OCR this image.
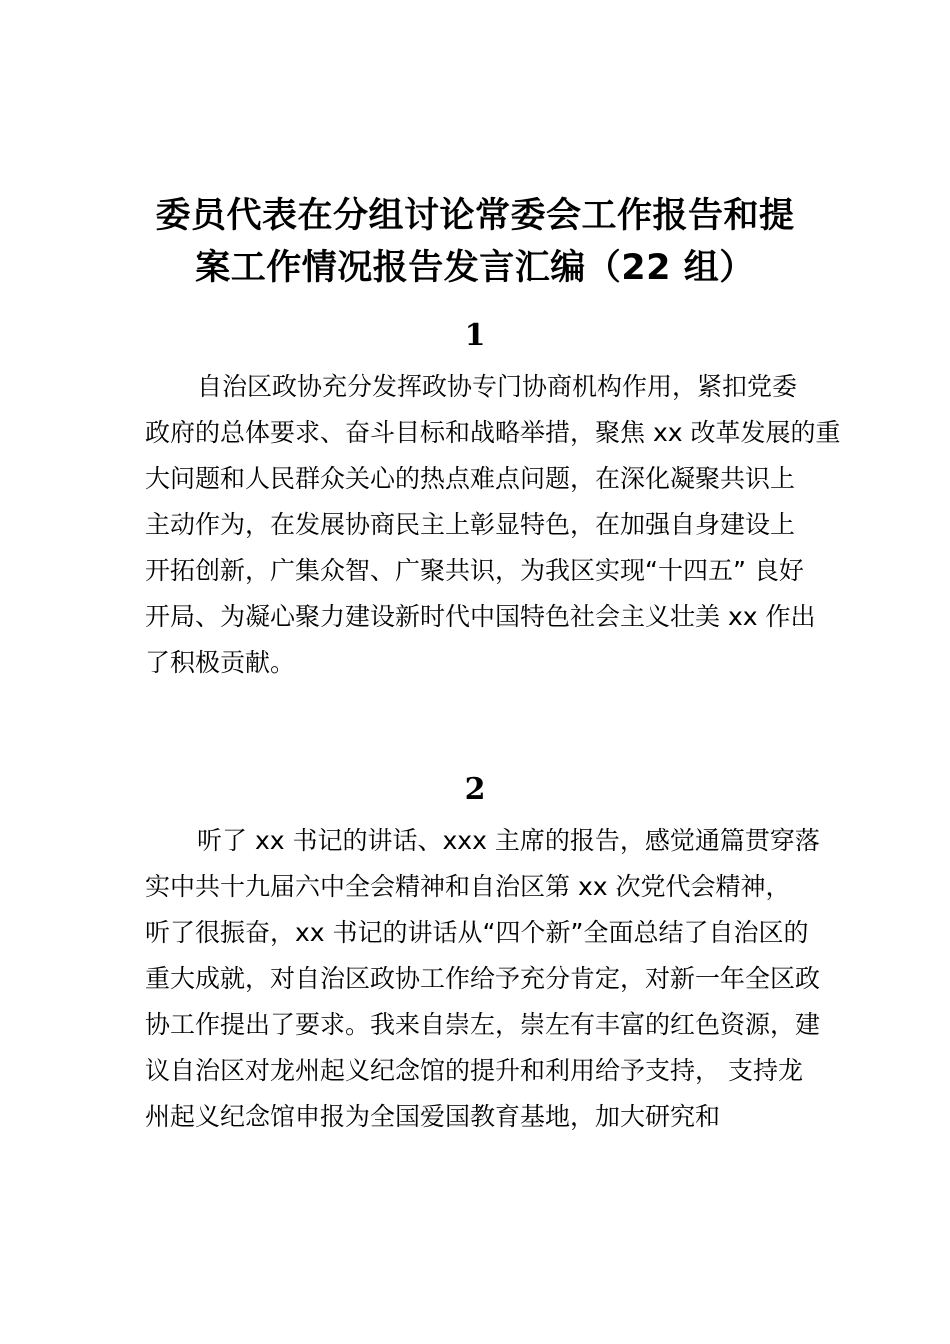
委员代表在分组讨论常委会工作报告和提
案工作情况报告发言汇编（22 组）
1
自治区政协充分发挥政协专门协商机构作用，紧扣党委
政府的总体要求、奋斗目标和战略举措，聚焦 xx 改革发展的重
大问题和人民群众关心的热点难点问题，在深化凝聚共识上
主动作为，在发展协商民主上彰显特色，在加强自身建设上
开拓创新，广集众智、广聚共识，为我区实现“十四五” 良好
开局、为凝心聚力建设新时代中国特色社会主义壮美 xx 作出
了积极贡献。
2
听了 xx 书记的讲话、xxx 主席的报告，感觉通篇贯穿落
实中共十九届六中全会精神和自治区第 xx 次党代会精神，
听了很振奋，xx 书记的讲话从“四个新”全面总结了自治区的
重大成就，对自治区政协工作给予充分肯定，对新一年全区政
协工作提出了要求。我来自崇左，崇左有丰富的红色资源，建
议自治区对龙州起义纪念馆的提升和利用给予支持， 支持龙
州起义纪念馆申报为全国爱国教育基地，加大研究和
